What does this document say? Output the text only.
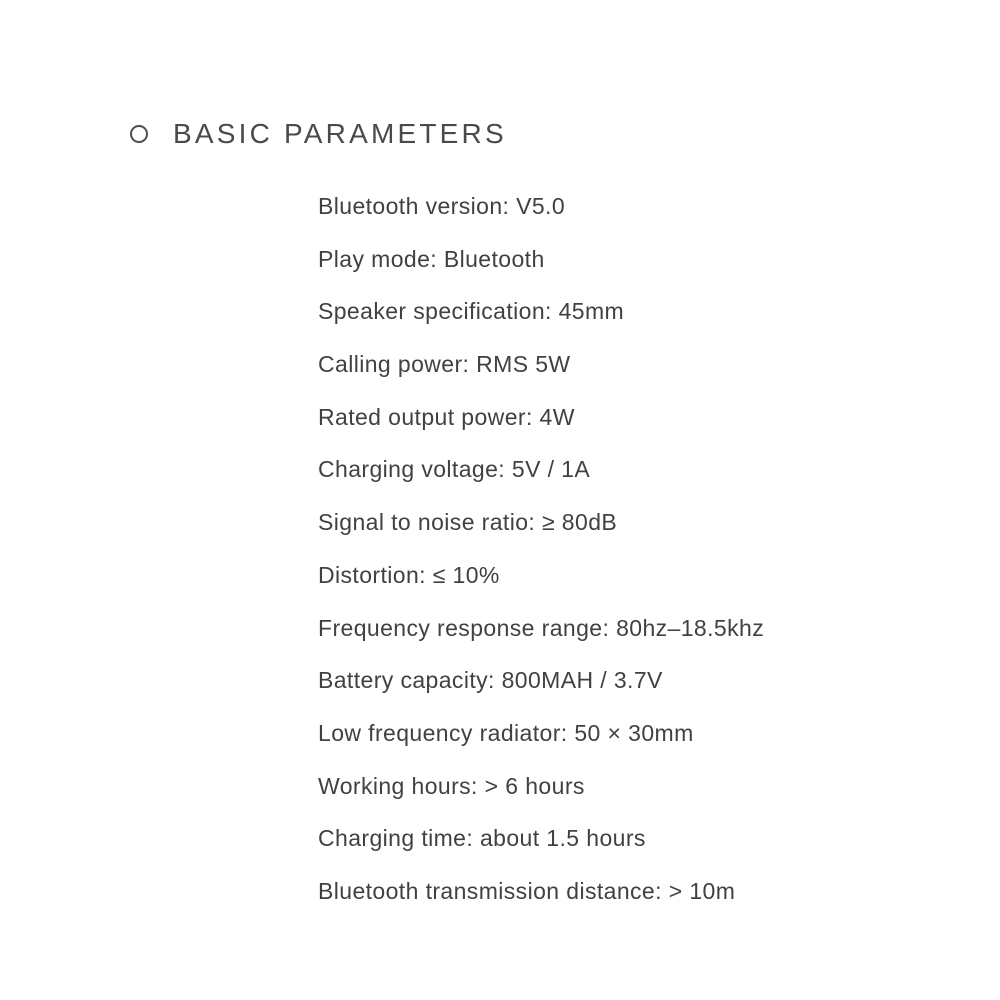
BASIC PARAMETERS
Bluetooth version: V5.0
Play mode: Bluetooth
Speaker specification: 45mm
Calling power: RMS 5W
Rated output power: 4W
Charging voltage: 5V / 1A
Signal to noise ratio: ≥ 80dB
Distortion: ≤ 10%
Frequency response range: 80hz–18.5khz
Battery capacity: 800MAH / 3.7V
Low frequency radiator: 50 × 30mm
Working hours: > 6 hours
Charging time: about 1.5 hours
Bluetooth transmission distance: > 10m
